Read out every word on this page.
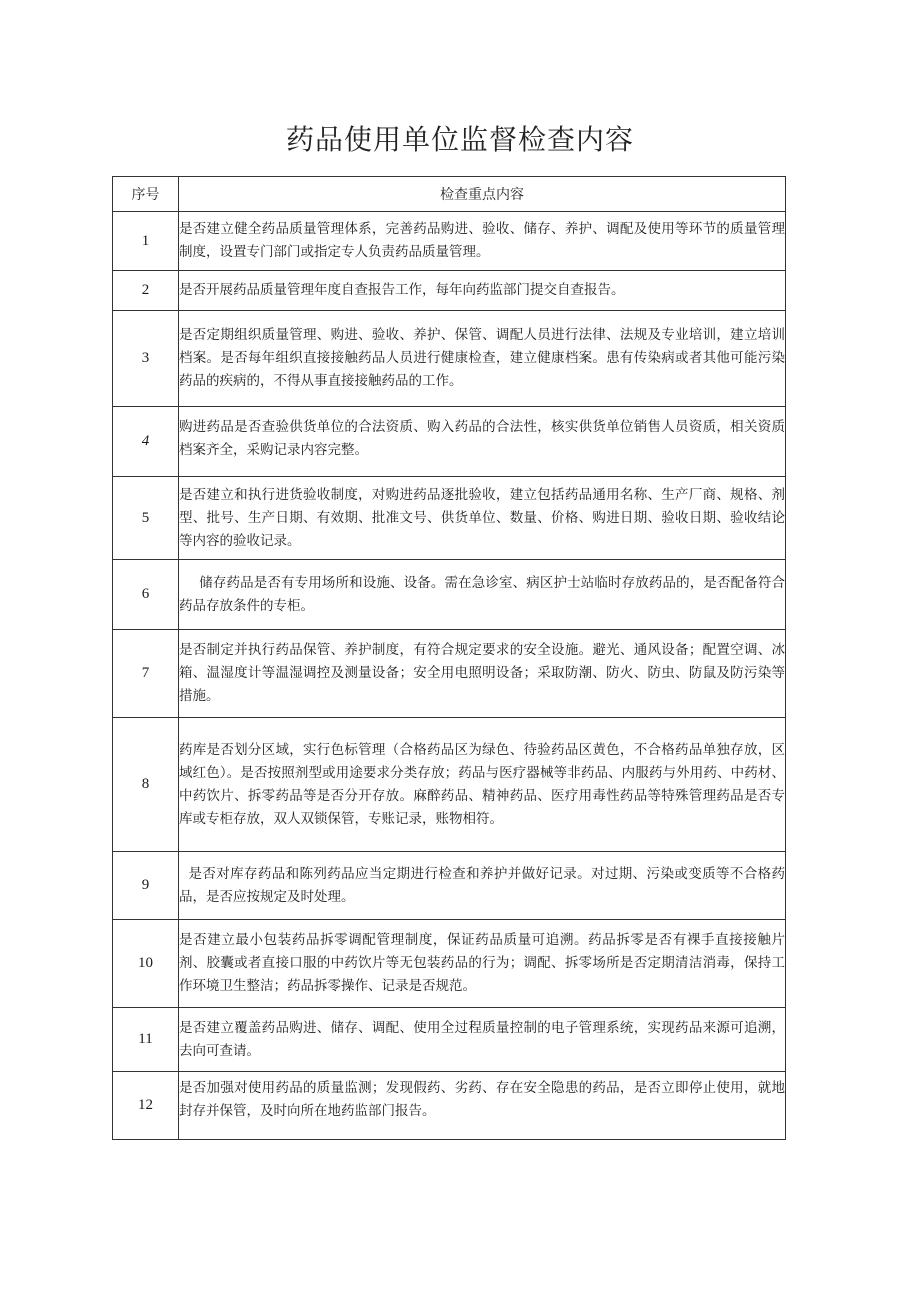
药品使用单位监督检查内容
序号	检查重点内容
1	是否建立健全药品质量管理体系，完善药品购进、验收、储存、养护、调配及使用等环节的质量管理制度，设置专门部门或指定专人负责药品质量管理。
2	是否开展药品质量管理年度自查报告工作，每年向药监部门提交自查报告。
3	是否定期组织质量管理、购进、验收、养护、保管、调配人员进行法律、法规及专业培训，建立培训档案。是否每年组织直接接触药品人员进行健康检查，建立健康档案。患有传染病或者其他可能污染药品的疾病的，不得从事直接接触药品的工作。
4	购进药品是否查验供货单位的合法资质、购入药品的合法性，核实供货单位销售人员资质，相关资质档案齐全，采购记录内容完整。
5	是否建立和执行进货验收制度，对购进药品逐批验收，建立包括药品通用名称、生产厂商、规格、剂型、批号、生产日期、有效期、批准文号、供货单位、数量、价格、购进日期、验收日期、验收结论等内容的验收记录。
6	储存药品是否有专用场所和设施、设备。需在急诊室、病区护士站临时存放药品的，是否配备符合药品存放条件的专柜。
7	是否制定并执行药品保管、养护制度，有符合规定要求的安全设施。避光、通风设备；配置空调、冰箱、温湿度计等温湿调控及测量设备；安全用电照明设备；采取防潮、防火、防虫、防鼠及防污染等措施。
8	药库是否划分区域，实行色标管理（合格药品区为绿色、待验药品区黄色，不合格药品单独存放，区域红色）。是否按照剂型或用途要求分类存放；药品与医疗器械等非药品、内服药与外用药、中药材、中药饮片、拆零药品等是否分开存放。麻醉药品、精神药品、医疗用毒性药品等特殊管理药品是否专库或专柜存放，双人双锁保管，专账记录，账物相符。
9	是否对库存药品和陈列药品应当定期进行检查和养护并做好记录。对过期、污染或变质等不合格药品，是否应按规定及时处理。
10	是否建立最小包装药品拆零调配管理制度，保证药品质量可追溯。药品拆零是否有裸手直接接触片剂、胶囊或者直接口服的中药饮片等无包装药品的行为；调配、拆零场所是否定期清洁消毒，保持工作环境卫生整洁；药品拆零操作、记录是否规范。
11	是否建立覆盖药品购进、储存、调配、使用全过程质量控制的电子管理系统，实现药品来源可追溯，去向可查请。
12	是否加强对使用药品的质量监测；发现假药、劣药、存在安全隐患的药品，是否立即停止使用，就地封存并保管，及时向所在地药监部门报告。
